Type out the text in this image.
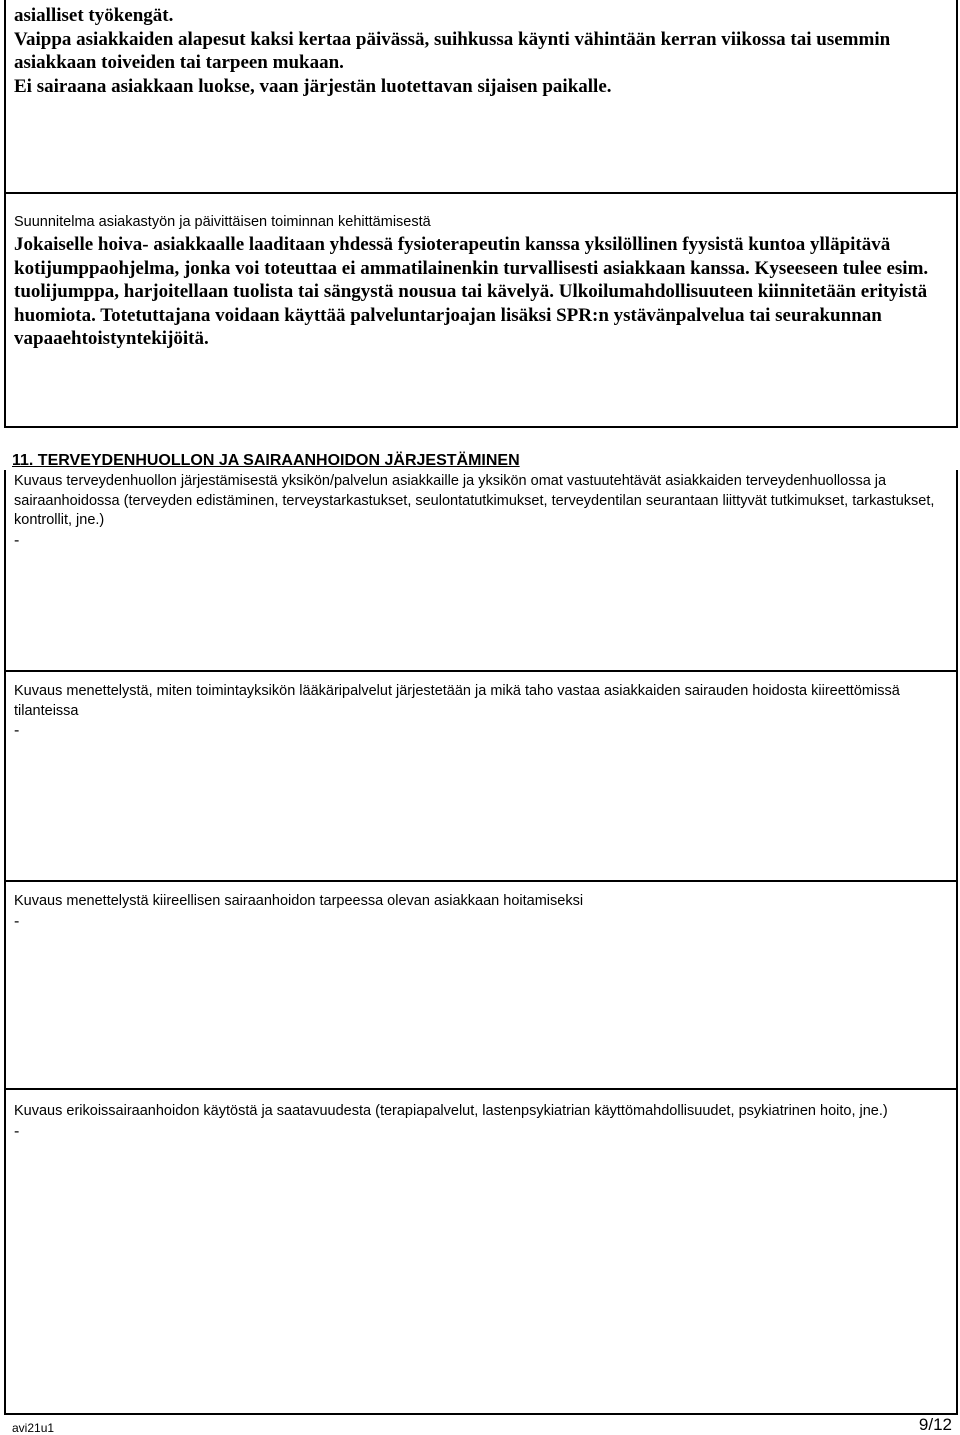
asialliset työkengät.

Vaippa asiakkaiden alapesut kaksi kertaa päivässä, suihkussa käynti vähintään kerran viikossa tai usemmin asiakkaan toiveiden tai tarpeen mukaan.

Ei sairaana asiakkaan luokse, vaan järjestän luotettavan sijaisen paikalle.

Suunnitelma asiakastyön ja päivittäisen toiminnan kehittämisestä

Jokaiselle hoiva- asiakkaalle laaditaan yhdessä fysioterapeutin kanssa yksilöllinen fyysistä kuntoa ylläpitävä kotijumppaohjelma, jonka voi toteuttaa ei ammatilainenkin turvallisesti asiakkaan kanssa. Kyseeseen tulee esim. tuolijumppa, harjoitellaan tuolista tai sängystä nousua tai kävelyä. Ulkoilumahdollisuuteen kiinnitetään erityistä huomiota. Totetuttajana voidaan käyttää palveluntarjoajan lisäksi SPR:n ystävänpalvelua tai seurakunnan vapaaehtoistyntekijöitä.

11. TERVEYDENHUOLLON JA SAIRAANHOIDON JÄRJESTÄMINEN

Kuvaus terveydenhuollon järjestämisestä yksikön/palvelun asiakkaille ja yksikön omat vastuutehtävät asiakkaiden terveydenhuollossa ja sairaanhoidossa (terveyden edistäminen, terveystarkastukset, seulontatutkimukset, terveydentilan seurantaan liittyvät tutkimukset, tarkastukset, kontrollit, jne.)

-

Kuvaus menettelystä, miten toimintayksikön lääkäripalvelut järjestetään ja mikä taho vastaa asiakkaiden sairauden hoidosta kiireettömissä tilanteissa

-

Kuvaus menettelystä kiireellisen sairaanhoidon tarpeessa olevan asiakkaan hoitamiseksi

-

Kuvaus erikoissairaanhoidon käytöstä ja saatavuudesta (terapiapalvelut, lastenpsykiatrian käyttömahdollisuudet, psykiatrinen hoito, jne.)

-

avi21u1	9/12
